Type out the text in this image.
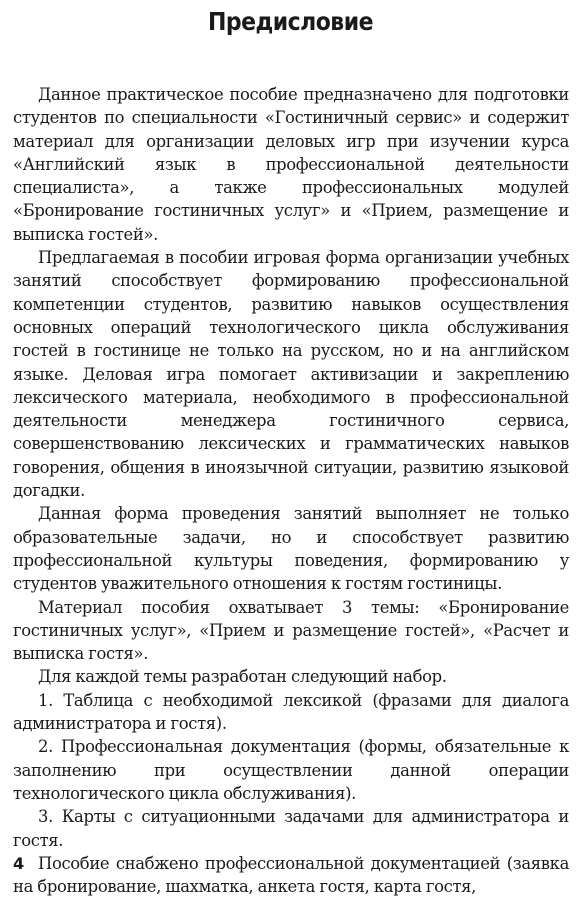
Предисловие

Данное практическое пособие предназначено для подготовки студентов по специальности «Гостиничный сервис» и содержит материал для организации деловых игр при изучении курса «Английский язык в профессиональной деятельности специалиста», а также профессиональных модулей «Бронирование гостиничных услуг» и «Прием, размещение и выписка гостей».

Предлагаемая в пособии игровая форма организации учебных занятий способствует формированию профессиональной компетенции студентов, развитию навыков осуществления основных операций технологического цикла обслуживания гостей в гостинице не только на русском, но и на английском языке. Деловая игра помогает активизации и закреплению лексического материала, необходимого в профессиональной деятельности менеджера гостиничного сервиса, совершенствованию лексических и грамматических навыков говорения, общения в иноязычной ситуации, развитию языковой догадки.

Данная форма проведения занятий выполняет не только образовательные задачи, но и способствует развитию профессиональной культуры поведения, формированию у студентов уважительного отношения к гостям гостиницы.

Материал пособия охватывает 3 темы: «Бронирование гостиничных услуг», «Прием и размещение гостей», «Расчет и выписка гостя».

Для каждой темы разработан следующий набор.

1. Таблица с необходимой лексикой (фразами для диалога администратора и гостя).

2. Профессиональная документация (формы, обязательные к заполнению при осуществлении данной операции технологического цикла обслуживания).

3. Карты с ситуационными задачами для администратора и гостя.

Пособие снабжено профессиональной документацией (заявка на бронирование, шахматка, анкета гостя, карта гостя,

4
